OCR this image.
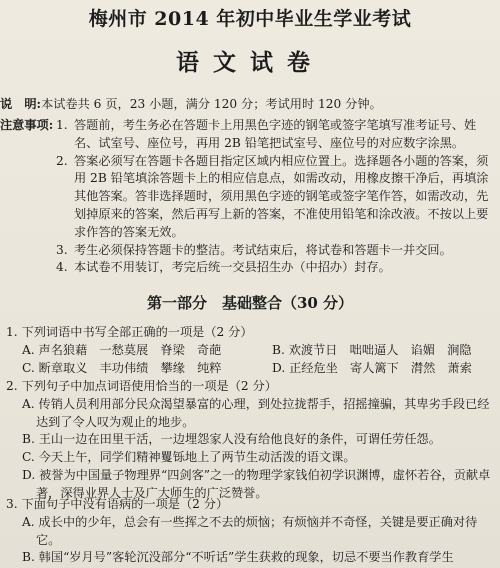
梅州市 2014 年初中毕业生学业考试
语文试卷
说　明:本试卷共 6 页，23 小题，满分 120 分；考试用时 120 分钟。
注意事项: 1. 答题前，考生务必在答题卡上用黑色字迹的钢笔或签字笔填写准考证号、姓名、试室号、座位号，再用 2B 铅笔把试室号、座位号的对应数字涂黑。
2. 答案必须写在答题卡各题目指定区域内相应位置上。选择题各小题的答案，须用 2B 铅笔填涂答题卡上的相应信息点，如需改动，用橡皮擦干净后，再填涂其他答案。答非选择题时，须用黑色字迹的钢笔或签字笔作答，如需改动，先划掉原来的答案，然后再写上新的答案，不准使用铅笔和涂改液。不按以上要求作答的答案无效。
3. 考生必须保持答题卡的整洁。考试结束后，将试卷和答题卡一并交回。
4. 本试卷不用装订，考完后统一交县招生办（中招办）封存。
第一部分　基础整合（30 分）
1. 下列词语中书写全部正确的一项是（2 分）
A. 声名狼藉　一愁莫展　脊梁　奇葩	B. 欢渡节日　咄咄逼人　谄媚　涧隐
C. 断章取义　丰功伟绩　攀缘　纯粹	D. 正经危坐　寄人篱下　潸然　萧索
2. 下列句子中加点词语使用恰当的一项是（2 分）
A. 传销人员利用部分民众渴望暴富的心理，到处拉拢帮手，招摇撞骗，其卑劣手段已经达到了令人叹为观止的地步。
B. 王山一边在田里干活，一边埋怨家人没有给他良好的条件，可谓任劳任怨。
C. 今天上午，同学们精神矍铄地上了两节生动活泼的语文课。
D. 被誉为中国量子物理界“四剑客”之一的物理学家钱伯初学识渊博，虚怀若谷，贡献卓著，深得业界人士及广大师生的广泛赞誉。
3. 下面句子中没有语病的一项是（2 分）
A. 成长中的少年，总会有一些挥之不去的烦恼；有烦恼并不奇怪，关键是要正确对待它。
B. 韩国“岁月号”客轮沉没部分“不听话”学生获救的现象，切忌不要当作教育学生
